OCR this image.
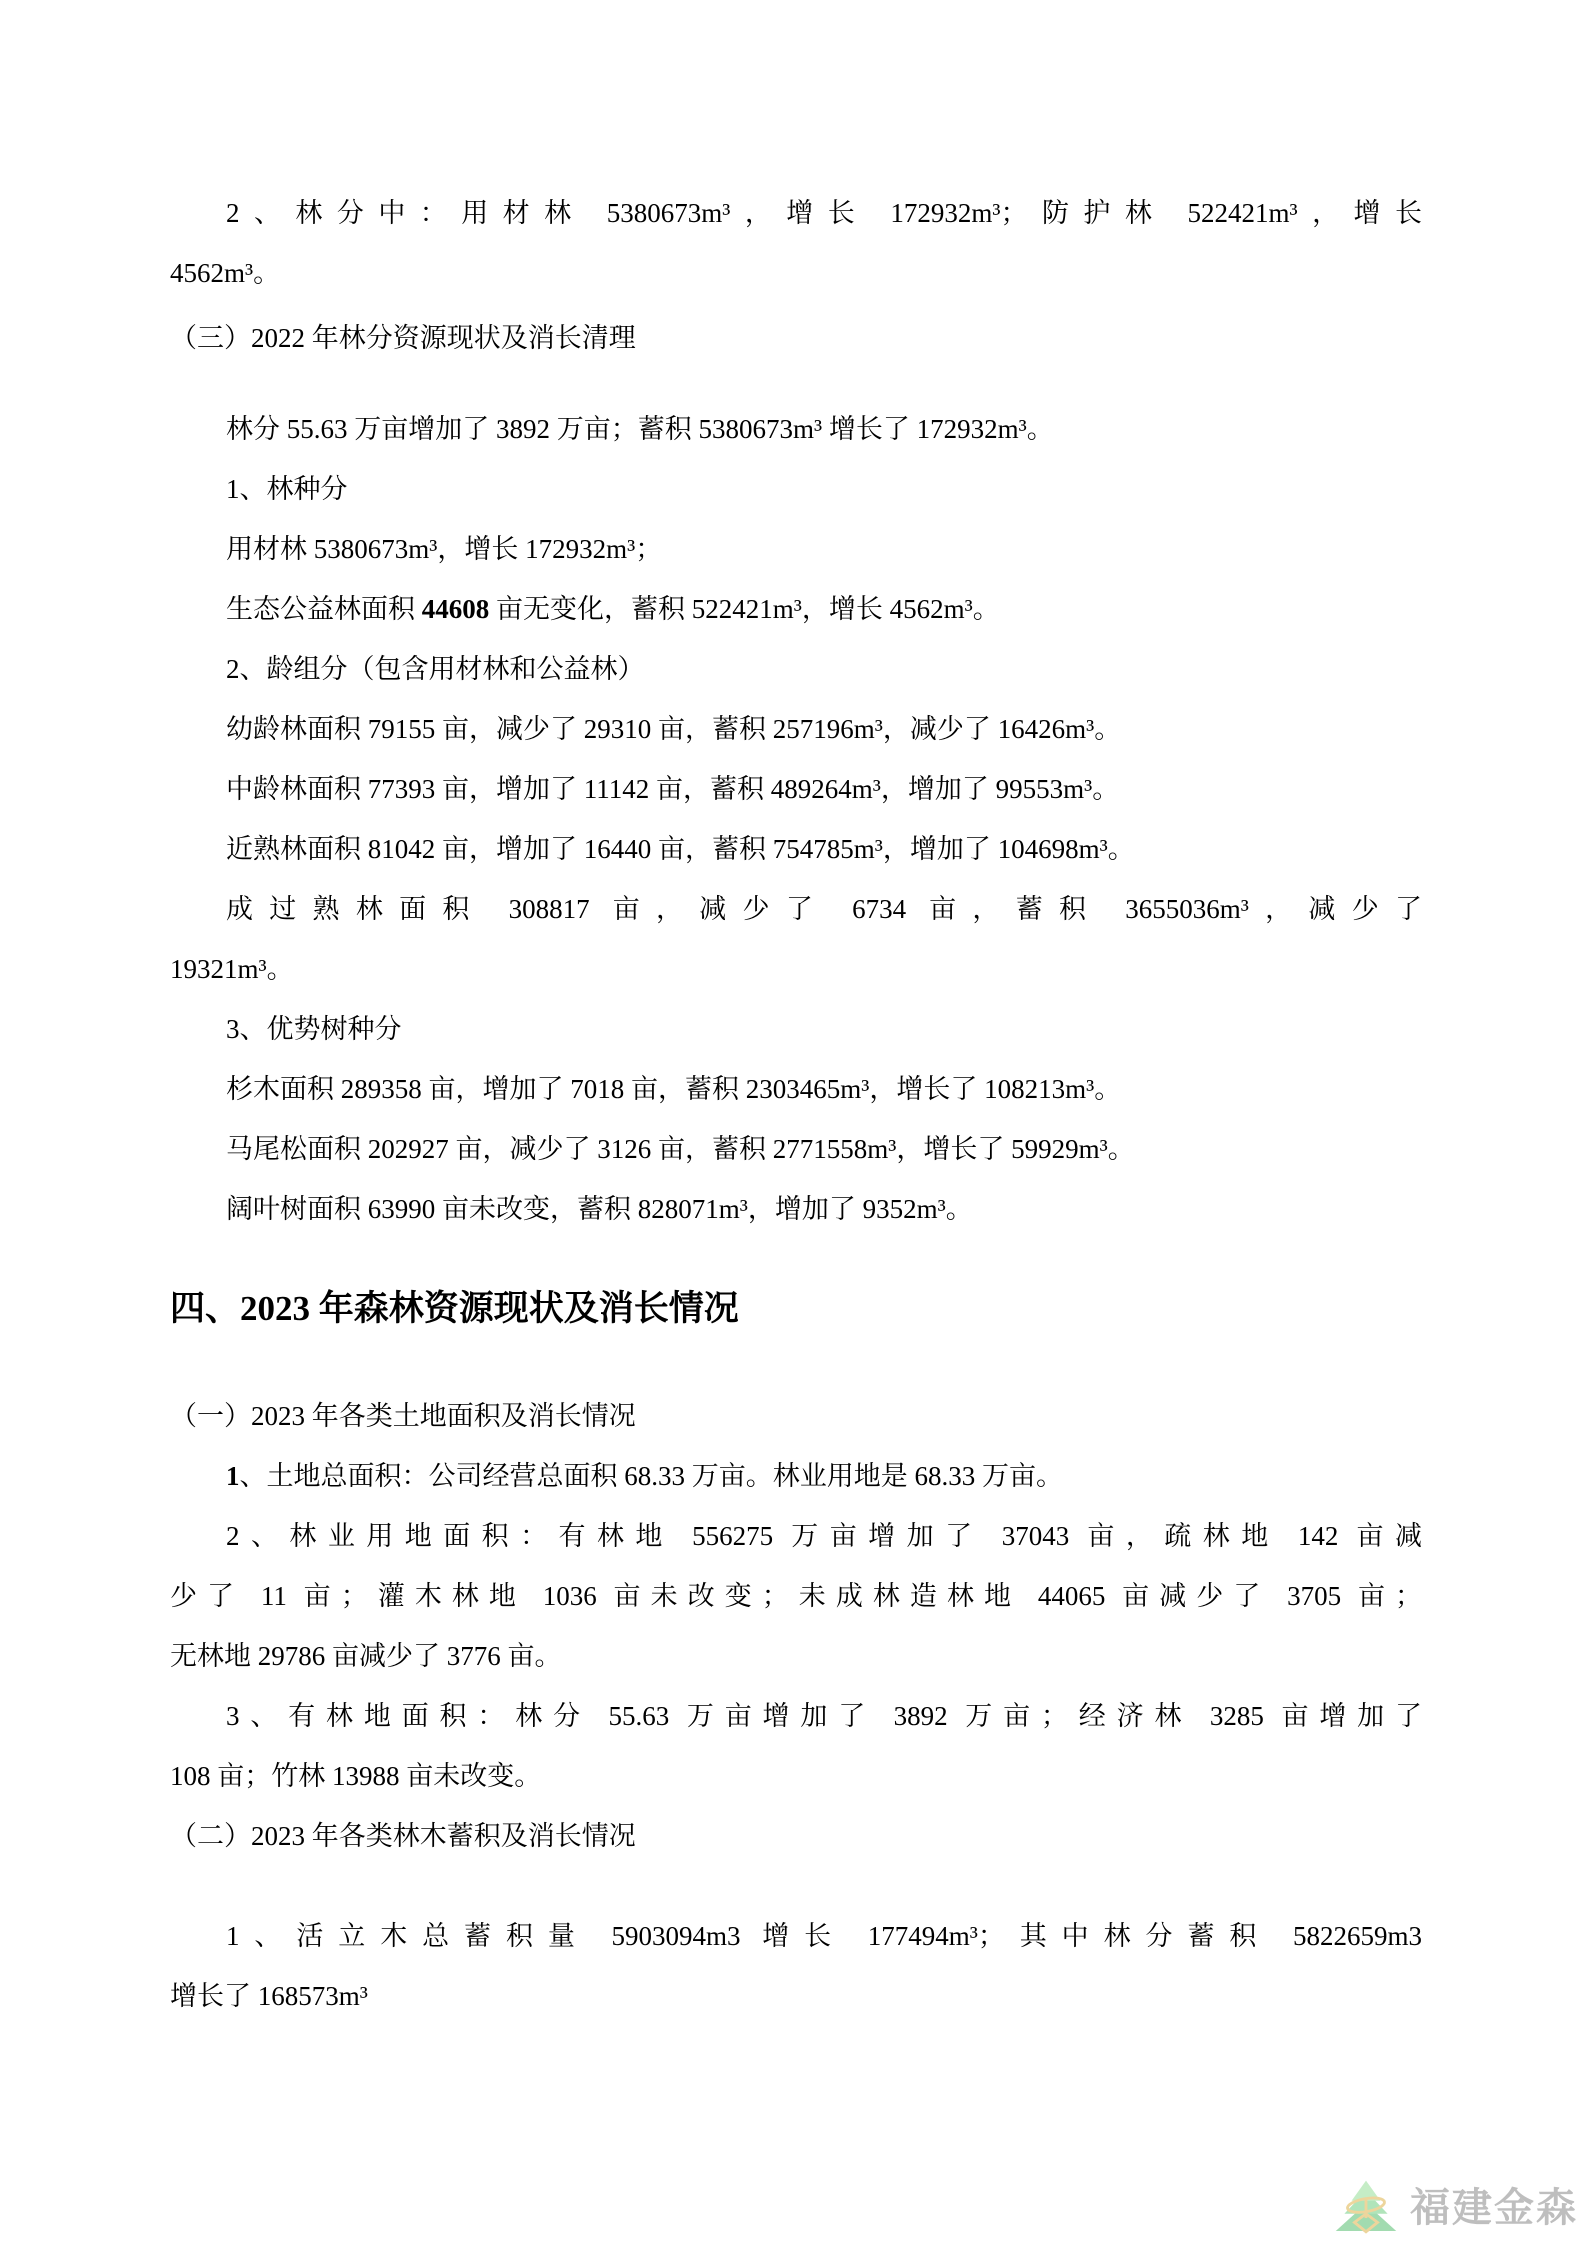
2、林分中：用材林 5380673m³，增长 172932m³；防护林 522421m³，增长
4562m³。
（三）2022 年林分资源现状及消长清理
林分 55.63 万亩增加了 3892 万亩；蓄积 5380673m³ 增长了 172932m³。
1、林种分
用材林 5380673m³，增长 172932m³；
生态公益林面积 44608 亩无变化，蓄积 522421m³，增长 4562m³。
2、龄组分（包含用材林和公益林）
幼龄林面积 79155 亩，减少了 29310 亩，蓄积 257196m³，减少了 16426m³。
中龄林面积 77393 亩，增加了 11142 亩，蓄积 489264m³，增加了 99553m³。
近熟林面积 81042 亩，增加了 16440 亩，蓄积 754785m³，增加了 104698m³。
成过熟林面积 308817 亩，减少了 6734 亩，蓄积 3655036m³，减少了
19321m³。
3、优势树种分
杉木面积 289358 亩，增加了 7018 亩，蓄积 2303465m³，增长了 108213m³。
马尾松面积 202927 亩，减少了 3126 亩，蓄积 2771558m³，增长了 59929m³。
阔叶树面积 63990 亩未改变，蓄积 828071m³，增加了 9352m³。
四、2023 年森林资源现状及消长情况
（一）2023 年各类土地面积及消长情况
1、土地总面积：公司经营总面积 68.33 万亩。林业用地是 68.33 万亩。
2、林业用地面积：有林地 556275 万亩增加了 37043 亩，疏林地 142 亩减
少了 11 亩；灌木林地 1036 亩未改变；未成林造林地 44065 亩减少了 3705 亩；
无林地 29786 亩减少了 3776 亩。
3、有林地面积：林分 55.63 万亩增加了 3892 万亩；经济林 3285 亩增加了
108 亩；竹林 13988 亩未改变。
（二）2023 年各类林木蓄积及消长情况
1、活立木总蓄积量 5903094m3 增长 177494m³；其中林分蓄积 5822659m3
增长了 168573m³
福建金森
